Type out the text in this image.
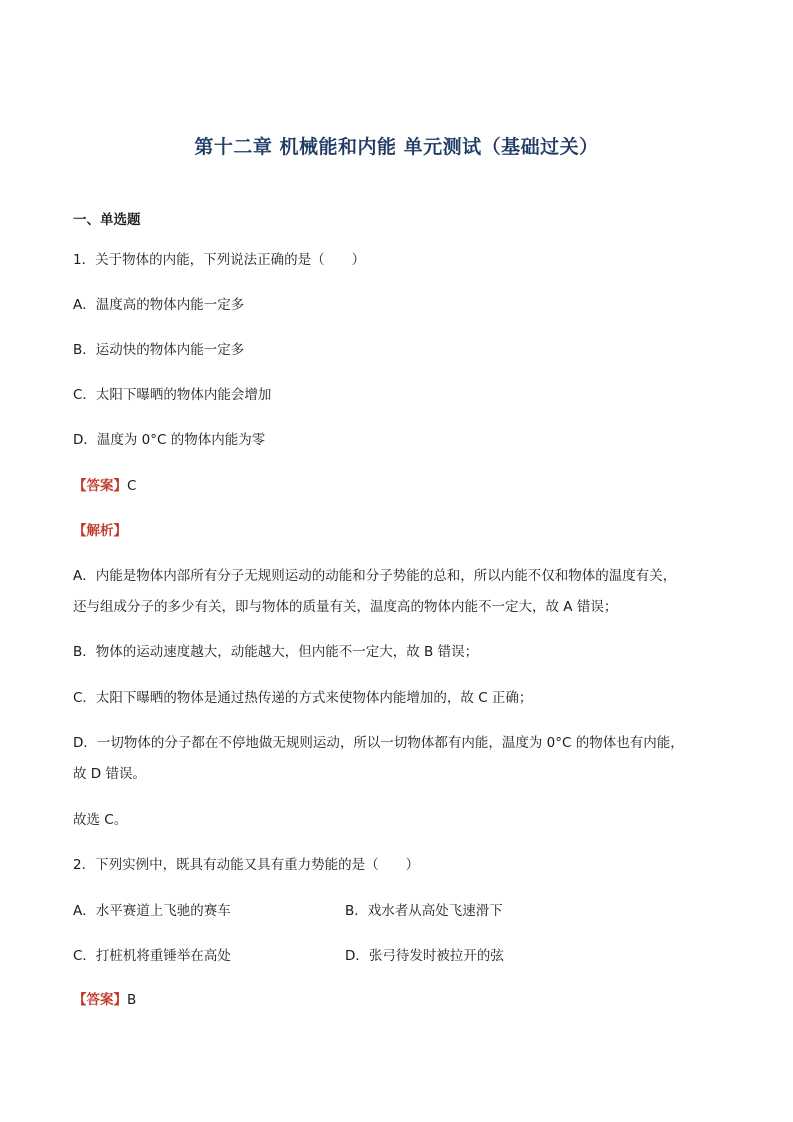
第十二章 机械能和内能 单元测试（基础过关）
一、单选题
1．关于物体的内能，下列说法正确的是（　　）
A．温度高的物体内能一定多
B．运动快的物体内能一定多
C．太阳下曝晒的物体内能会增加
D．温度为 0°C 的物体内能为零
【答案】C
【解析】
A．内能是物体内部所有分子无规则运动的动能和分子势能的总和，所以内能不仅和物体的温度有关，
还与组成分子的多少有关，即与物体的质量有关，温度高的物体内能不一定大，故 A 错误；
B．物体的运动速度越大，动能越大，但内能不一定大，故 B 错误；
C．太阳下曝晒的物体是通过热传递的方式来使物体内能增加的，故 C 正确；
D．一切物体的分子都在不停地做无规则运动，所以一切物体都有内能，温度为 0°C 的物体也有内能，
故 D 错误。
故选 C。
2．下列实例中，既具有动能又具有重力势能的是（　　）
A．水平赛道上飞驰的赛车	B．戏水者从高处飞速滑下
C．打桩机将重锤举在高处	D．张弓待发时被拉开的弦
【答案】B
